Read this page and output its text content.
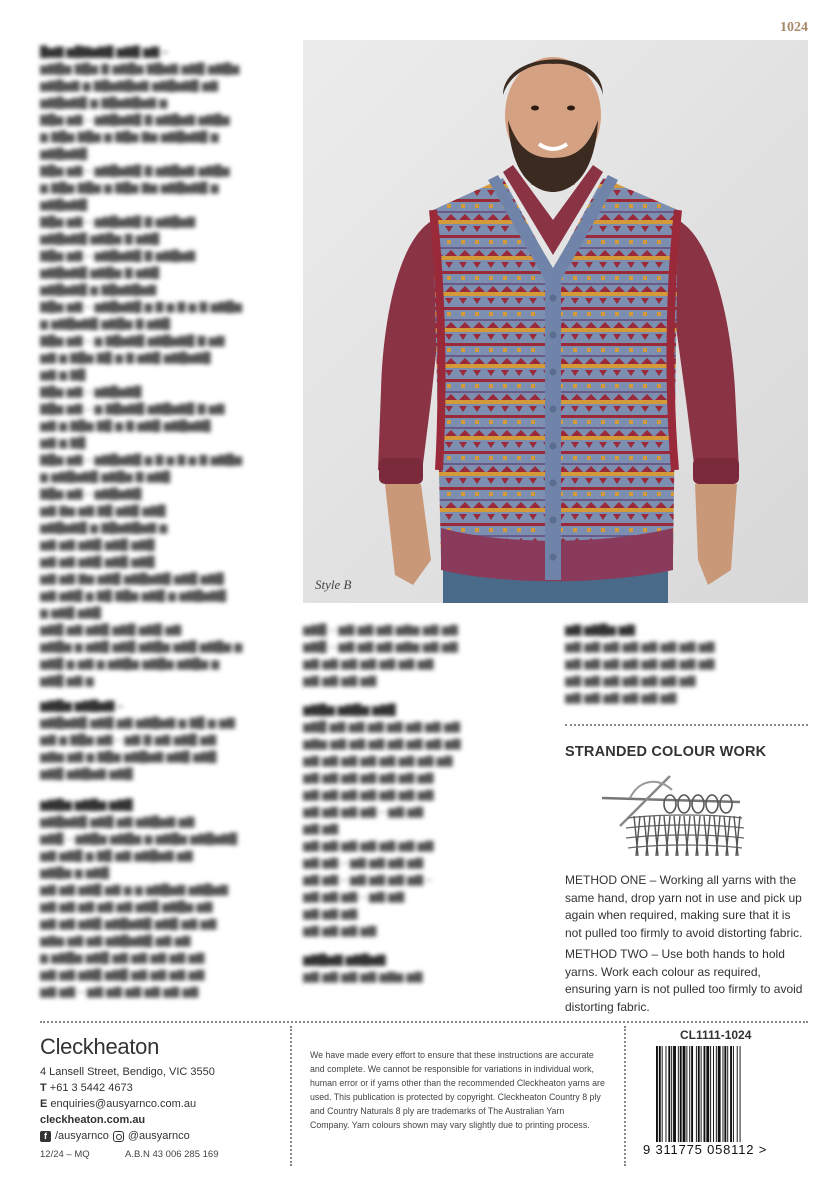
1024
█▆▇ ▆█▇▆▇█ ▆▇█ ▆▇ –
▆▇█▆ ▇█▆ ▇ ▆▇█▆ ▇█▆▇ ▆▇█ ▆▇█▆
▆▇█▆▇ ▆ ▇█▆▇█▆▇ ▆▇█▆▇█ ▆▇
▆▇█▆▇█ ▆ ▇█▆▇█▆▇ ▆
▇█▆ ▆▇ – ▆▇█▆▇█ ▇ ▆▇█▆▇ ▆▇█▆
▆ ▇█▆ ▇█▆ ▆ ▇█▆ ▇▆ ▆▇█▆▇█ ▆
▆▇█▆▇█
▇█▆ ▆▇ – ▆▇█▆▇█ ▇ ▆▇█▆▇ ▆▇█▆
▆ ▇█▆ ▇█▆ ▆ ▇█▆ ▇▆ ▆▇█▆▇█ ▆
▆▇█▆▇█
▇█▆ ▆▇ – ▆▇█▆▇█ ▇ ▆▇█▆▇
▆▇█▆▇█ ▆▇█▆ ▇ ▆▇█
▇█▆ ▆▇ – ▆▇█▆▇█ ▇ ▆▇█▆▇
▆▇█▆▇█ ▆▇█▆ ▇ ▆▇█
▆▇█▆▇█ ▆ ▇█▆▇█▆▇
▇█▆ ▆▇ – ▆▇█▆▇█ ▆ ▇ ▆ ▇ ▆ ▇ ▆▇█▆
▆ ▆▇█▆▇█ ▆▇█▆ ▇ ▆▇█
▇█▆ ▆▇ – ▆ ▇█▆▇█ ▆▇█▆▇█ ▇ ▆▇
▆▇ ▆ ▇█▆ ▇█ ▆ ▇ ▆▇█ ▆▇█▆▇█
▆▇ ▆ ▇█
▇█▆ ▆▇ – ▆▇█▆▇█
▇█▆ ▆▇ – ▆ ▇█▆▇█ ▆▇█▆▇█ ▇ ▆▇
▆▇ ▆ ▇█▆ ▇█ ▆ ▇ ▆▇█ ▆▇█▆▇█
▆▇ ▆ ▇█
▇█▆ ▆▇ – ▆▇█▆▇█ ▆ ▇ ▆ ▇ ▆ ▇ ▆▇█▆
▆ ▆▇█▆▇█ ▆▇█▆ ▇ ▆▇█
▇█▆ ▆▇ – ▆▇█▆▇█
▆▇ ▇▆ ▆▇ ▇█ ▆▇█ ▆▇█
▆▇█▆▇█ ▆ ▇█▆▇█▆▇ ▆
▆▇ ▆▇ ▆▇█ ▆▇█ ▆▇█
▆▇ ▆▇ ▆▇█ ▆▇█ ▆▇█
▆▇ ▆▇ ▇▆ ▆▇█ ▆▇█▆▇█ ▆▇█ ▆▇█
▆▇ ▆▇█ ▆ ▇█ ▇█▆ ▆▇█ ▆ ▆▇█▆▇█
▆ ▆▇█ ▆▇█
▆▇█ ▆▇ ▆▇█ ▆▇█ ▆▇█ ▆▇
▆▇█▆ ▆ ▆▇█ ▆▇█ ▆▇█▆ ▆▇█ ▆▇█▆ ▆
▆▇█ ▆ ▆▇ ▆ ▆▇█▆ ▆▇█▆ ▆▇█▆ ▆
▆▇█ ▆▇ ▆
▆▇█▆ ▆▇█▆▇ –
▆▇█▆▇█ ▆▇█ ▆▇ ▆▇█▆▇ ▆ ▇█ ▆ ▆▇
▆▇ ▆ ▇█▆ ▆▇ – ▆▇ ▇ ▆▇ ▆▇█ ▆▇
▆▇▆ ▆▇ ▆ ▇█▆ ▆▇█▆▇ ▆▇█ ▆▇█
▆▇█ ▆▇█▆▇ ▆▇█
▆▇█▆ ▆▇█▆ ▆▇█
▆▇█▆▇█ ▆▇█ ▆▇ ▆▇█▆▇ ▆▇
▆▇█ – ▆▇█▆ ▆▇█▆ ▆ ▆▇█▆ ▆▇█▆▇█
▆▇ ▆▇█ ▆ ▇█ ▆▇ ▆▇█▆▇ ▆▇
▆▇█▆ ▆ ▆▇█
▆▇ ▆▇ ▆▇█ ▆▇ ▆ ▆ ▆▇█▆▇ ▆▇█▆▇
▆▇ ▆▇ ▆▇ ▆▇ ▆▇ ▆▇█ ▆▇█▆ ▆▇
▆▇ ▆▇ ▆▇█ ▆▇█▆▇█ ▆▇█ ▆▇ ▆▇
▆▇▆ ▆▇ ▆▇ ▆▇█▆▇█ ▆▇ ▆▇
▆ ▆▇█▆ ▆▇█ ▆▇ ▆▇ ▆▇ ▆▇ ▆▇
▆▇ ▆▇ ▆▇█ ▆▇█ ▆▇ ▆▇ ▆▇ ▆▇
▆▇ ▆▇ – ▆▇ ▆▇ ▆▇ ▆▇ ▆▇ ▆▇
▆▇█ – ▆▇ ▆▇ ▆▇ ▆▇▆ ▆▇ ▆▇
▆▇█ – ▆▇ ▆▇ ▆▇ ▆▇▆ ▆▇ ▆▇
▆▇ ▆▇ ▆▇ ▆▇ ▆▇ ▆▇ ▆▇
▆▇ ▆▇ ▆▇ ▆▇
▆▇█▆ ▆▇█▆ ▆▇█
▆▇█ ▆▇ ▆▇ ▆▇ ▆▇ ▆▇ ▆▇ ▆▇
▆▇▆ ▆▇ ▆▇ ▆▇ ▆▇ ▆▇ ▆▇ ▆▇
▆▇ ▆▇ ▆▇ ▆▇ ▆▇ ▆▇ ▆▇ ▆▇
▆▇ ▆▇ ▆▇ ▆▇ ▆▇ ▆▇ ▆▇
▆▇ ▆▇ ▆▇ ▆▇ ▆▇ ▆▇ ▆▇
▆▇ ▆▇ ▆▇ ▆▇ – ▆▇ ▆▇
▆▇ ▆▇
▆▇ ▆▇ ▆▇ ▆▇ ▆▇ ▆▇ ▆▇
▆▇ ▆▇ – ▆▇ ▆▇ ▆▇ ▆▇
▆▇ ▆▇ – ▆▇ ▆▇ ▆▇ ▆▇ –
▆▇ ▆▇ ▆▇ – ▆▇ ▆▇
▆▇ ▆▇ ▆▇
▆▇ ▆▇ ▆▇ ▆▇
▆▇█▆▇ ▆▇█▆▇
▆▇ ▆▇ ▆▇ ▆▇ ▆▇▆ ▆▇
▆▇ ▆▇█▆ ▆▇
▆▇ ▆▇ ▆▇ ▆▇ ▆▇ ▆▇ ▆▇ ▆▇
▆▇ ▆▇ ▆▇ ▆▇ ▆▇ ▆▇ ▆▇ ▆▇
▆▇ ▆▇ ▆▇ ▆▇ ▆▇ ▆▇ ▆▇
▆▇ ▆▇ ▆▇ ▆▇ ▆▇ ▆▇
Style B
STRANDED COLOUR WORK
METHOD ONE – Working all yarns with the same hand, drop yarn not in use and pick up again when required, making sure that it is not pulled too firmly to avoid distorting fabric.
METHOD TWO – Use both hands to hold yarns. Work each colour as required, ensuring yarn is not pulled too firmly to avoid distorting fabric.
Cleckheaton
4 Lansell Street, Bendigo, VIC 3550
T +61 3 5442 4673
E enquiries@ausyarnco.com.au
cleckheaton.com.au
f /ausyarnco @ausyarnco
12/24 – MQ	A.B.N 43 006 285 169
We have made every effort to ensure that these instructions are accurate and complete. We cannot be responsible for variations in individual work, human error or if yarns other than the recommended Cleckheaton yarns are used. This publication is protected by copyright. Cleckheaton Country 8 ply and Country Naturals 8 ply are trademarks of The Australian Yarn Company. Yarn colours shown may vary slightly due to printing process.
CL1111-1024
9 311775 058112 >
